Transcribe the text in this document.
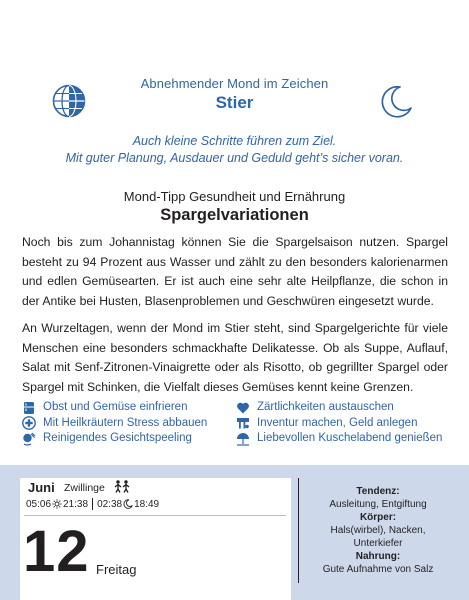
Abnehmender Mond im Zeichen
Stier
Auch kleine Schritte führen zum Ziel.
Mit guter Planung, Ausdauer und Geduld geht’s sicher voran.
Mond-Tipp Gesundheit und Ernährung
Spargelvariationen

Noch bis zum Johannistag können Sie die Spargelsaison nutzen. Spargel besteht zu 94 Prozent aus Wasser und zählt zu den besonders kalorienarmen und edlen Gemüsearten. Er ist auch eine sehr alte Heilpflanze, die schon in der Antike bei Husten, Blasenproblemen und Geschwüren eingesetzt wurde.

An Wurzeltagen, wenn der Mond im Stier steht, sind Spargelgerichte für viele Menschen eine besonders schmackhafte Delikatesse. Ob als Suppe, Auflauf, Salat mit Senf-Zitronen-Vinaigrette oder als Risotto, ob gegrillter Spargel oder Spargel mit Schinken, die Vielfalt dieses Gemüses kennt keine Grenzen.

Obst und Gemüse einfrieren
Mit Heilkräutern Stress abbauen
Reinigendes Gesichtspeeling
Zärtlichkeiten austauschen
Inventur machen, Geld anlegen
Liebevollen Kuschelabend genießen
Juni Zwillinge
05:06 21:38 02:38 18:49
12 Freitag
Tendenz:
Ausleitung, Entgiftung
Körper:
Hals(wirbel), Nacken,
Unterkiefer
Nahrung:
Gute Aufnahme von Salz
